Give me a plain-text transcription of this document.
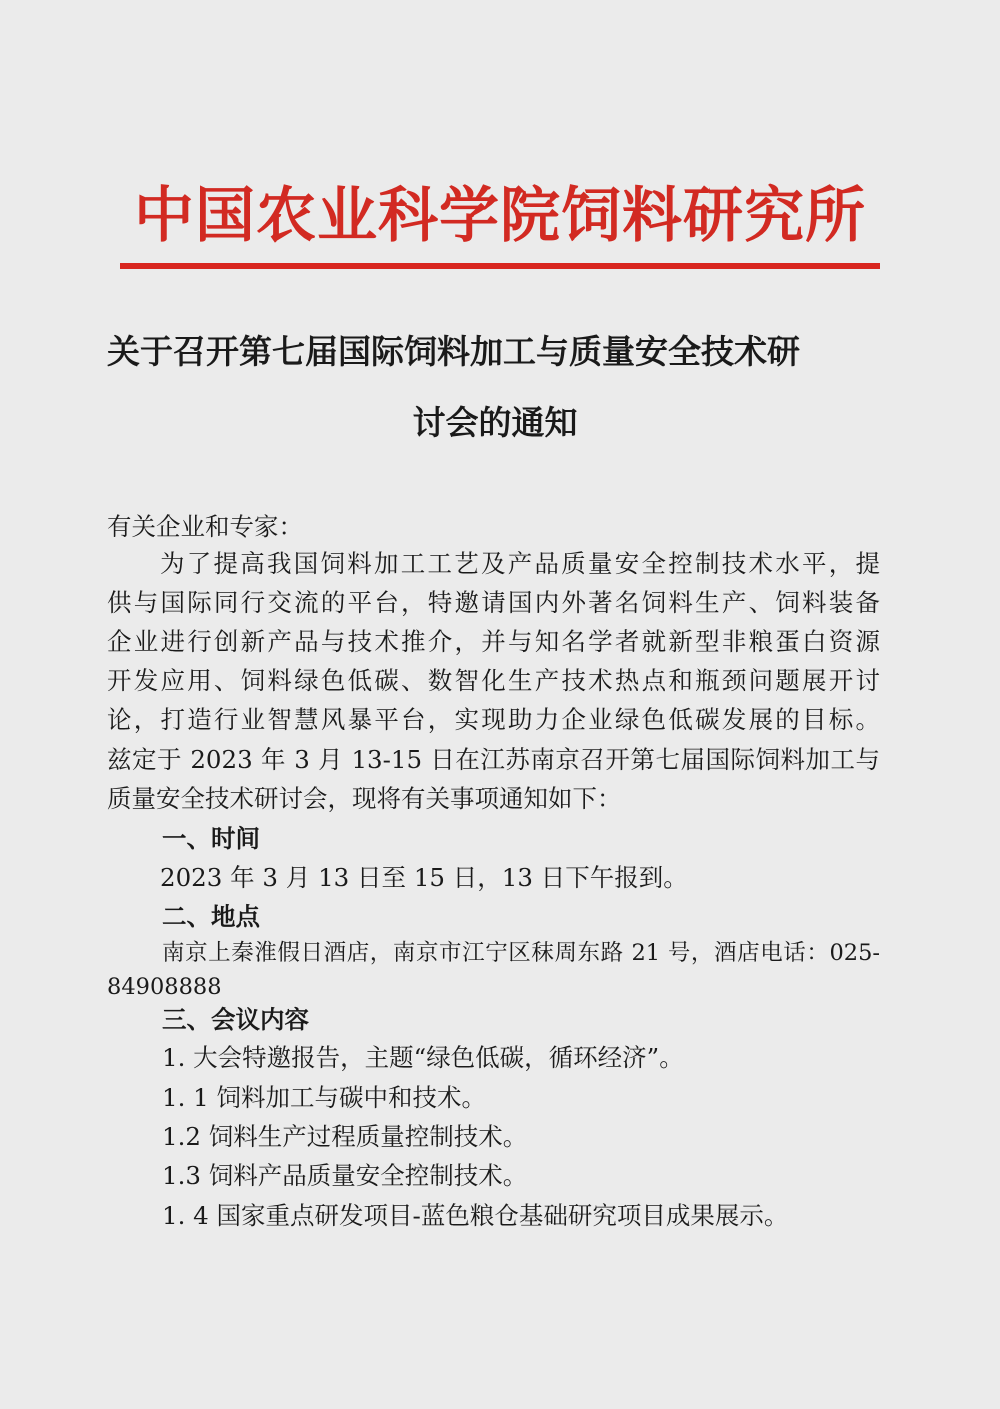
中国农业科学院饲料研究所
关于召开第七届国际饲料加工与质量安全技术研
讨会的通知
有关企业和专家：
为了提高我国饲料加工工艺及产品质量安全控制技术水平，提
供与国际同行交流的平台，特邀请国内外著名饲料生产、饲料装备
企业进行创新产品与技术推介，并与知名学者就新型非粮蛋白资源
开发应用、饲料绿色低碳、数智化生产技术热点和瓶颈问题展开讨
论，打造行业智慧风暴平台，实现助力企业绿色低碳发展的目标。
兹定于 2023 年 3 月 13-15 日在江苏南京召开第七届国际饲料加工与
质量安全技术研讨会，现将有关事项通知如下：
一、时间
2023 年 3 月 13 日至 15 日，13 日下午报到。
二、地点
南京上秦淮假日酒店，南京市江宁区秣周东路 21 号，酒店电话：025-
84908888
三、会议内容
1. 大会特邀报告，主题“绿色低碳，循环经济”。
1. 1 饲料加工与碳中和技术。
1.2 饲料生产过程质量控制技术。
1.3 饲料产品质量安全控制技术。
1. 4 国家重点研发项目-蓝色粮仓基础研究项目成果展示。
